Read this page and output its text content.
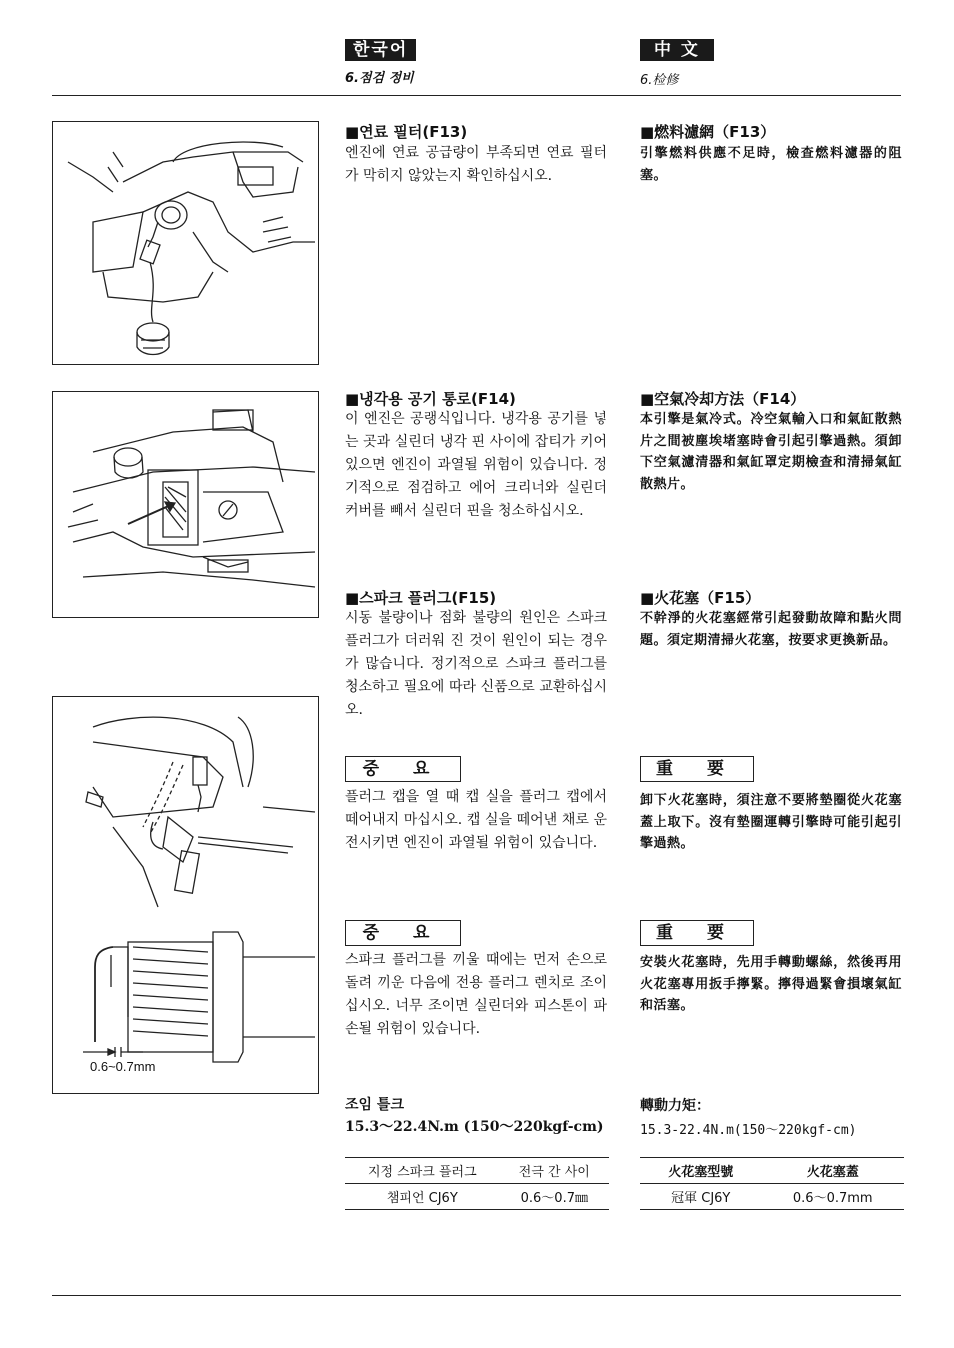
한국어
6.점검 정비
中 文
6.检修
■연료 필터(F13)
엔진에 연료 공급량이 부족되면 연료 필터가 막히지 않았는지 확인하십시오.
■燃料濾網（F13）
引擎燃料供應不足時，檢查燃料濾器的阻塞。
■냉각용 공기 통로(F14)
이 엔진은 공랭식입니다. 냉각용 공기를 넣는 곳과 실린더 냉각 핀 사이에 잡티가 키어 있으면 엔진이 과열될 위험이 있습니다. 정기적으로 점검하고 에어 크리너와 실린더 커버를 빼서 실린더 핀을 청소하십시오.
■空氣冷却方法（F14）
本引擎是氣冷式。冷空氣輸入口和氣缸散熱片之間被塵埃堵塞時會引起引擎過熱。須卸下空氣濾清器和氣缸罩定期檢查和清掃氣缸散熱片。
■스파크 플러그(F15)
시동 불량이나 점화 불량의 원인은 스파크 플러그가 더러워 진 것이 원인이 되는 경우가 많습니다. 정기적으로 스파크 플러그를 청소하고 필요에 따라 신품으로 교환하십시오.
■火花塞（F15）
不幹淨的火花塞經常引起發動故障和點火問題。須定期清掃火花塞，按要求更換新品。
0.6~0.7mm
중 요
플러그 캡을 열 때 캡 실을 플러그 캡에서 떼어내지 마십시오. 캡 실을 떼어낸 채로 운전시키면 엔진이 과열될 위험이 있습니다.
重 要
卸下火花塞時，須注意不要將墊圈從火花塞蓋上取下。沒有墊圈運轉引擎時可能引起引擎過熱。
중 요
스파크 플러그를 끼울 때에는 먼저 손으로 돌려 끼운 다음에 전용 플러그 렌치로 조이십시오. 너무 조이면 실린더와 피스톤이 파손될 위험이 있습니다.
重 要
安裝火花塞時，先用手轉動螺絲，然後再用火花塞專用扳手擰緊。擰得過緊會損壞氣缸和活塞。
조임 틀크
15.3～22.4N.m (150～220kgf-cm)
轉動力矩：
15.3-22.4N.m(150～220kgf-cm)
지정 스파크 플러그	전극 간 사이
챔피언 CJ6Y	0.6～0.7㎜
火花塞型號	火花塞蓋
冠軍 CJ6Y	0.6～0.7mm
